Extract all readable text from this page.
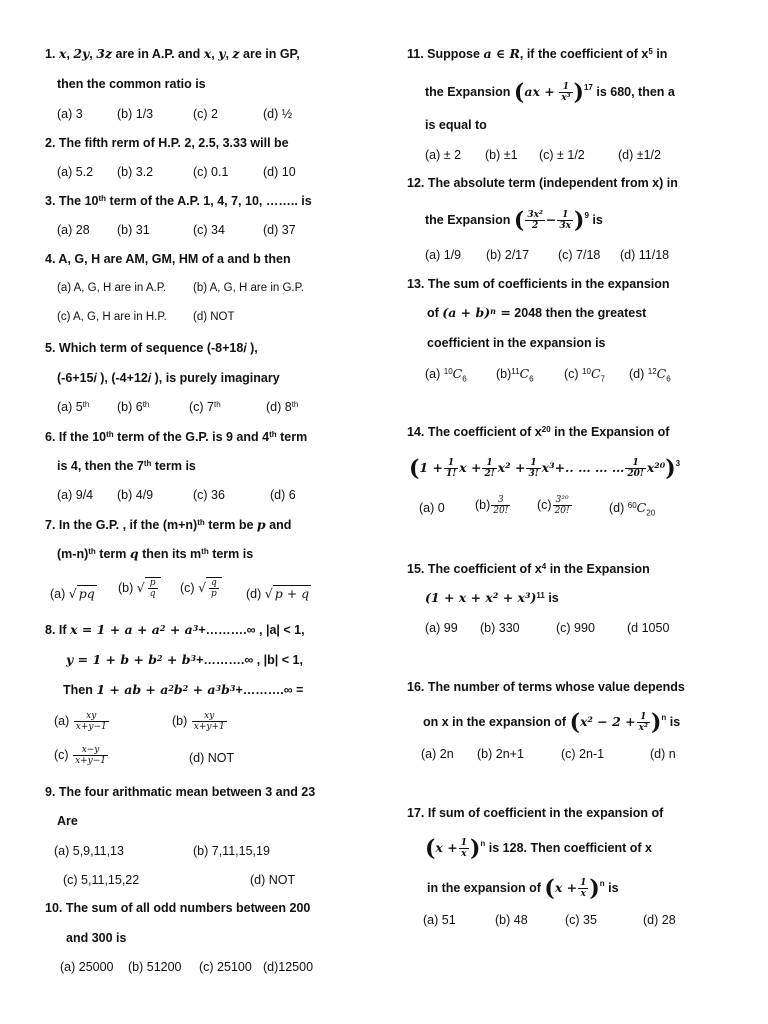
1. x, 2y, 3z are in A.P. and x, y, z are in GP,
then the common ratio is
(a) 3	(b) 1/3	(c) 2	(d) ½
2. The fifth rerm of H.P. 2, 2.5, 3.33 will be
(a) 5.2 (b) 3.2	(c) 0.1	(d) 10
3. The 10th term of the A.P. 1, 4, 7, 10, …….. is
(a) 28 (b) 31	(c) 34	(d) 37
4. A, G, H are AM, GM, HM of a and b then
(a) A, G, H are in A.P. (b) A, G, H are in G.P.
(c) A, G, H are in H.P. (d) NOT
5. Which term of sequence (-8+18𝑖 ),
(-6+15𝑖 ), (-4+12𝑖 ), is purely imaginary
(a) 5th (b) 6th	(c) 7th	(d) 8th
6. If the 10th term of the G.P. is 9 and 4th term
is 4, then the 7th term is
(a) 9/4 (b) 4/9	(c) 36	(d) 6
7. In the G.P. , if the $(m+n)^{th}$ term be p and
$(m-n)^{th}$ term q then its $m^{th}$ term is
(a) √ pq (b) √ $\frac{p}{q} (c)$ √ $\frac{q}{p} (d)$ √ p + q
8. If $x = 1 + a + a^2$ + $a^3+\dots\dots\dots.\infty$ , |a| < 1,
$y = 1 + b + b^2$ + $b^3+\dots\dots\dots.\infty$ , |b| < 1,
Then 1 + ab + $a^2b^2$ + $a^3b^3+\dots\dots\dots.\infty$ =
$(a) \frac{xy}{x+y-1}$	$(b) \frac{xy}{x+y+1}$
$(c) \frac{x-y}{x+y-1}$	(d) NOT
9. The four arithmatic mean between 3 and 23
Are
(a) 5,9,11,13	(b) 7,11,15,19
(c) 5,11,15,22	(d) NOT
10. The sum of all odd numbers between 200
and 300 is
(a) 25000 (b) 51200 (c) 25100 (d)12500
11. Suppose a ∈ R, if the coefficient of $x^5$ in
the Expansion $(ax + \frac{1}{\text{x³}} )^{17}$ is 680, then a
is equal to
(a) ± 2 (b) ±1 (c) ± 1/2	(d) ±1/2
12. The absolute term (independent from x) in
the Expansion ( $\frac{\text{3x²}}{2} - \frac{1}{3x} )^9$ is
(a) 1/9 (b) 2/17 (c) 7/18 (d) 11/18
13. The sum of coefficients in the expansion
of $(a + b)^n = 2048$ then the greatest
coefficient in the expansion is
(a) $^{10}C_6$ $(b)^{11}C_6$ (c) $^{10}C_7$ (d) $^{12}C_6$
14. The coefficient of $x^{20}$ in the Expansion of
($1 + \frac{1}{1!}$ $x + \frac{1}{2!} x^2 + \frac{1}{3!} x^3+$.. … … … $\frac{1}{20!} x^{20})^3$
(a) 0 $(b) \frac{3}{20!} (c) \frac{\text{3²⁰}}{20!}$	(d) $^{60}C_{20}$
15. The coefficient of $x^4$ in the Expansion
$(1 + x + x^2 + x^3)^{11}$ is
(a) 99 (b) 330	(c) 990	(d 1050
16. The number of terms whose value depends
on x in the expansion of $(x^2 - 2 + \frac{1}{\text{x²}} )^n$ is
(a) 2n (b) 2n+1	(c) 2n-1	(d) n
17. If sum of coefficient in the expansion of
$(x + \frac{1}{x} )^n$ is 128. Then coefficient of x
in the expansion of $(x + \frac{1}{x} )^n$ is
(a) 51	(b) 48	(c) 35	(d) 28
